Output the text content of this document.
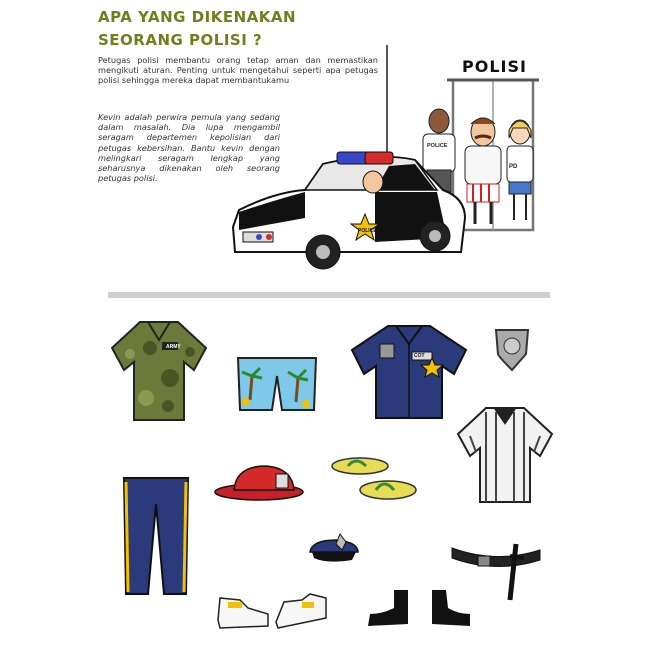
APA YANG DIKENAKAN
SEORANG POLISI ?
Petugas polisi membantu orang tetap aman dan memastikan mengikuti aturan. Penting untuk mengetahui seperti apa petugas polisi sehingga mereka dapat membantukamu
Kevin adalah perwira pemula yang sedang dalam masalah. Dia lupa mengambil seragam departemen kepolisian dari petugas kebersihan. Bantu kevin dengan melingkari seragam lengkap yang seharusnya dikenakan oleh seorang petugas polisi.
POLISI
POLICE
PD
POLICE
ARMY
COT
